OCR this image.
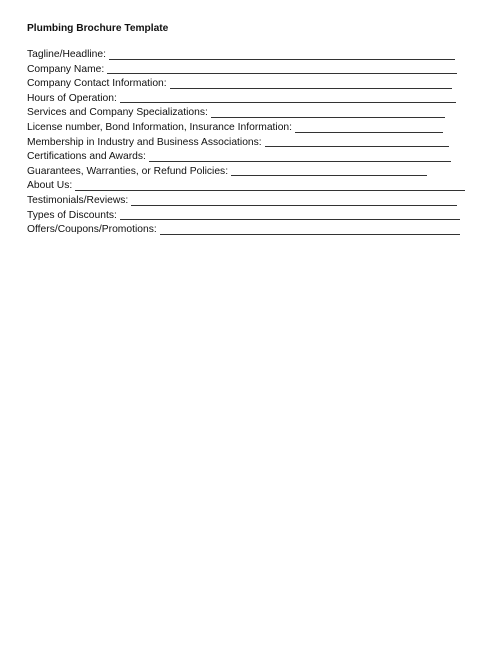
Plumbing Brochure Template
Tagline/Headline:
Company Name:
Company Contact Information:
Hours of Operation:
Services and Company Specializations:
License number, Bond Information, Insurance Information:
Membership in Industry and Business Associations:
Certifications and Awards:
Guarantees, Warranties, or Refund Policies:
About Us:
Testimonials/Reviews:
Types of Discounts:
Offers/Coupons/Promotions:
